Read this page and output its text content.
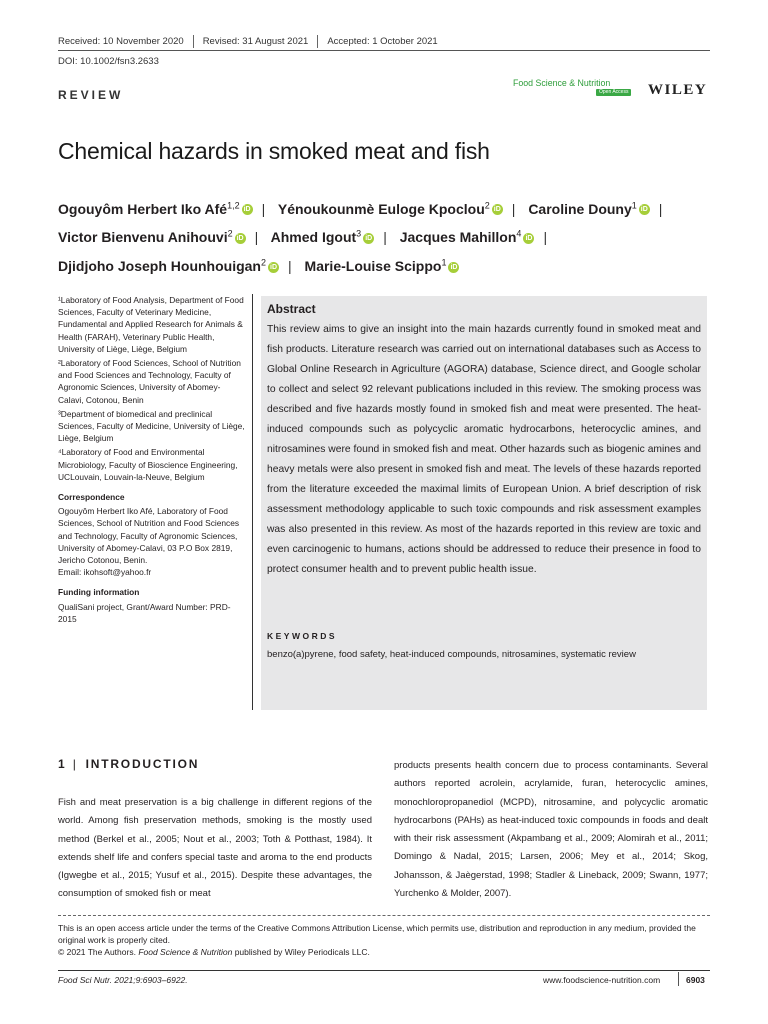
Received: 10 November 2020 Revised: 31 August 2021 Accepted: 1 October 2021
DOI: 10.1002/fsn3.2633
Food Science & Nutrition
Open Access WILEY
REVIEW
Chemical hazards in smoked meat and fish
Ogouyôm Herbert Iko Afé$^{1,2}$ iD | Yénoukounmè Euloge Kpoclou$^2$ iD | Caroline Douny$^1$ iD |
Victor Bienvenu Anihouvi$^2$ iD | Ahmed Igout$^3$ iD | Jacques Mahillon$^4$ iD |
Djidjoho Joseph Hounhouigan$^2$ iD | Marie-Louise Scippo$^1$ iD

¹Laboratory of Food Analysis, Department of Food Sciences, Faculty of Veterinary Medicine, Fundamental and Applied Research for Animals & Health (FARAH), Veterinary Public Health, University of Liège, Liège, Belgium

²Laboratory of Food Sciences, School of Nutrition and Food Sciences and Technology, Faculty of Agronomic Sciences, University of Abomey-Calavi, Cotonou, Benin

³Department of biomedical and preclinical Sciences, Faculty of Medicine, University of Liège, Liège, Belgium

⁴Laboratory of Food and Environmental Microbiology, Faculty of Bioscience Engineering, UCLouvain, Louvain-la-Neuve, Belgium

Correspondence

Ogouyôm Herbert Iko Afé, Laboratory of Food Sciences, School of Nutrition and Food Sciences and Technology, Faculty of Agronomic Sciences, University of Abomey-Calavi, 03 P.O Box 2819, Jericho Cotonou, Benin.
Email: ikohsoft@yahoo.fr

Funding information

QualiSani project, Grant/Award Number: PRD-2015

Abstract
This review aims to give an insight into the main hazards currently found in smoked meat and fish products. Literature research was carried out on international databases such as Access to Global Online Research in Agriculture (AGORA) database, Science direct, and Google scholar to collect and select 92 relevant publications included in this review. The smoking process was described and five hazards mostly found in smoked fish and meat were presented. The heat-induced compounds such as polycyclic aromatic hydrocarbons, heterocyclic amines, and nitrosamines were found in smoked fish and meat. Other hazards such as biogenic amines and heavy metals were also present in smoked fish and meat. The levels of these hazards reported from the literature exceeded the maximal limits of European Union. A brief description of risk assessment methodology applicable to such toxic compounds and risk assessment examples was also presented in this review. As most of the hazards reported in this review are toxic and even carcinogenic to humans, actions should be addressed to reduce their presence in food to protect consumer health and to prevent public health issue.
KEYWORDS
benzo(a)pyrene, food safety, heat-induced compounds, nitrosamines, systematic review
1 | INTRODUCTION
Fish and meat preservation is a big challenge in different regions of the world. Among fish preservation methods, smoking is the mostly used method (Berkel et al., 2005; Nout et al., 2003; Toth & Potthast, 1984). It extends shelf life and confers special taste and aroma to the end products (Igwegbe et al., 2015; Yusuf et al., 2015). Despite these advantages, the consumption of smoked fish or meat
products presents health concern due to process contaminants. Several authors reported acrolein, acrylamide, furan, heterocyclic amines, monochloropropanediol (MCPD), nitrosamine, and polycyclic aromatic hydrocarbons (PAHs) as heat-induced toxic compounds in foods and dealt with their risk assessment (Akpambang et al., 2009; Alomirah et al., 2011; Domingo & Nadal, 2015; Larsen, 2006; Mey et al., 2014; Skog, Johansson, & Jaègerstad, 1998; Stadler & Lineback, 2009; Swann, 1977; Yurchenko & Molder, 2007).
This is an open access article under the terms of the Creative Commons Attribution License, which permits use, distribution and reproduction in any medium, provided the original work is properly cited.
© 2021 The Authors. Food Science & Nutrition published by Wiley Periodicals LLC.
Food Sci Nutr. 2021;9:6903–6922.	www.foodscience-nutrition.com	6903
